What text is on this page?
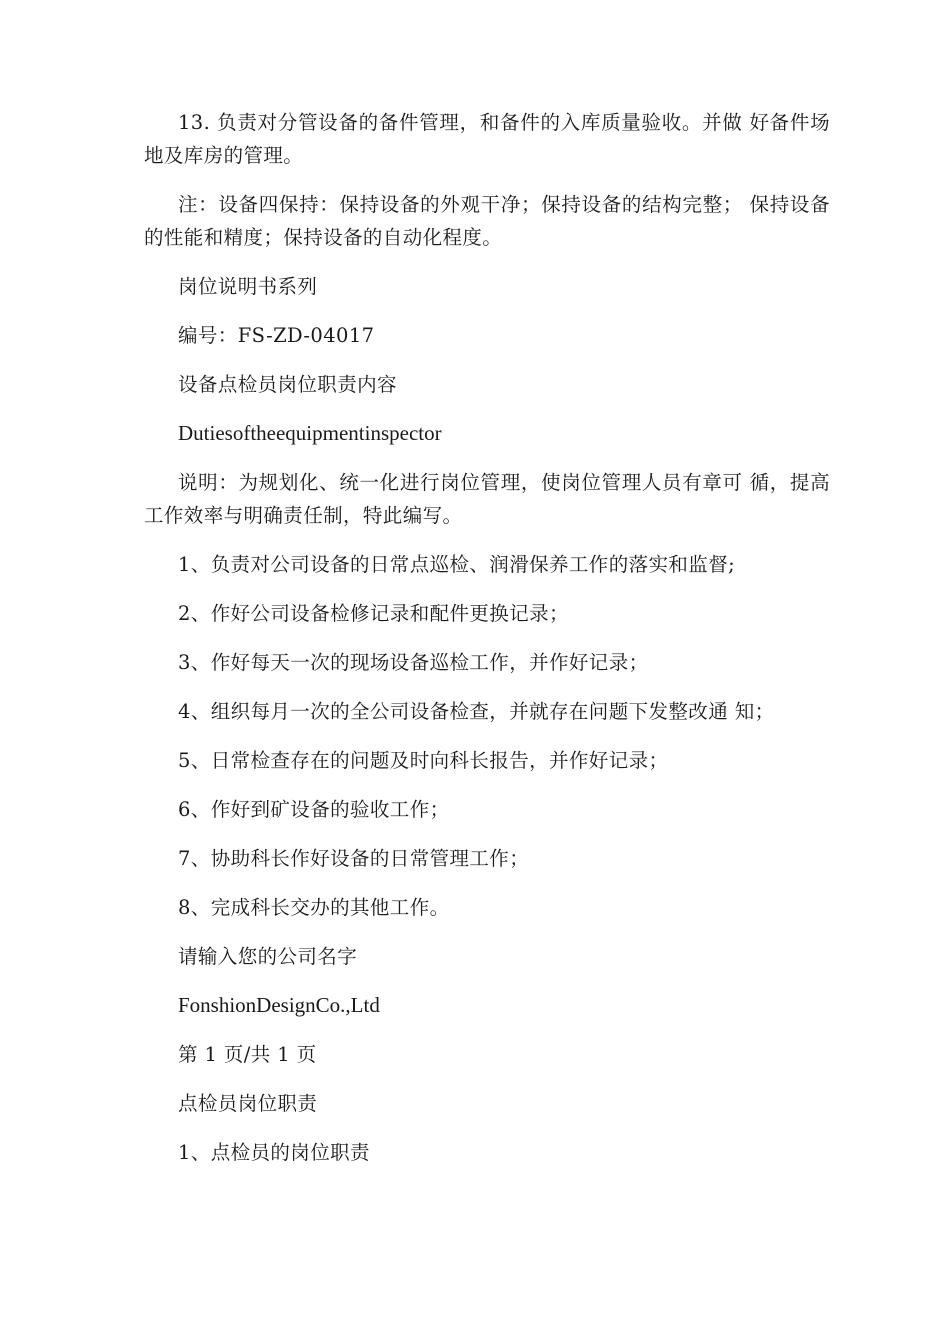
13. 负责对分管设备的备件管理，和备件的入库质量验收。并做 好备件场地及库房的管理。

注：设备四保持：保持设备的外观干净；保持设备的结构完整； 保持设备的性能和精度；保持设备的自动化程度。

岗位说明书系列

编号：FS-ZD-04017

设备点检员岗位职责内容

Dutiesoftheequipmentinspector

说明：为规划化、统一化进行岗位管理，使岗位管理人员有章可 循，提高工作效率与明确责任制，特此编写。

1、负责对公司设备的日常点巡检、润滑保养工作的落实和监督;

2、作好公司设备检修记录和配件更换记录；

3、作好每天一次的现场设备巡检工作，并作好记录；

4、组织每月一次的全公司设备检查，并就存在问题下发整改通 知；

5、日常检查存在的问题及时向科长报告，并作好记录；

6、作好到矿设备的验收工作；

7、协助科长作好设备的日常管理工作；

8、完成科长交办的其他工作。

请输入您的公司名字

FonshionDesignCo.,Ltd

第 1 页/共 1 页

点检员岗位职责

1、点检员的岗位职责
